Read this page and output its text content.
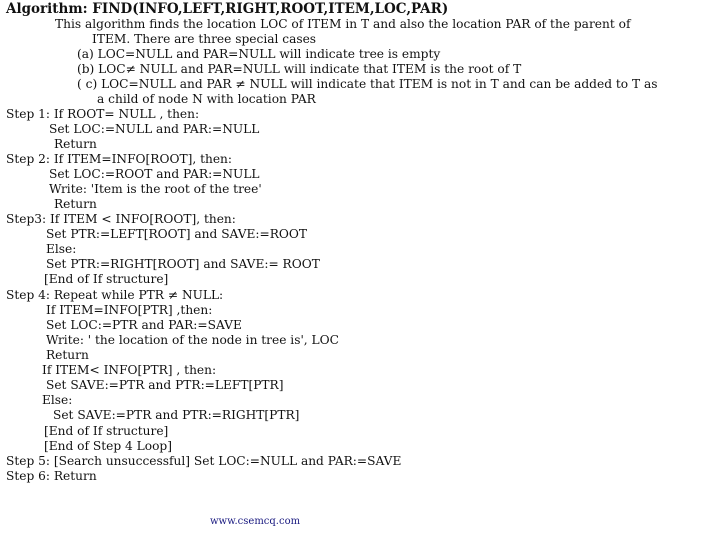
Algorithm: FIND(INFO,LEFT,RIGHT,ROOT,ITEM,LOC,PAR)
This algorithm finds the location LOC of ITEM in T and also the location PAR of the parent of
ITEM. There are three special cases
(a) LOC=NULL and PAR=NULL will indicate tree is empty
(b) LOC≠ NULL and PAR=NULL will indicate that ITEM is the root of T
( c) LOC=NULL and PAR ≠ NULL will indicate that ITEM is not in T and can be added to T as
a child of node N with location PAR
Step 1: If ROOT= NULL , then:
Set LOC:=NULL and PAR:=NULL
Return
Step 2: If ITEM=INFO[ROOT], then:
Set LOC:=ROOT and PAR:=NULL
Write: 'Item is the root of the tree'
Return
Step3: If ITEM < INFO[ROOT], then:
Set PTR:=LEFT[ROOT] and SAVE:=ROOT
Else:
Set PTR:=RIGHT[ROOT] and SAVE:= ROOT
[End of If structure]
Step 4: Repeat while PTR ≠ NULL:
If ITEM=INFO[PTR] ,then:
Set LOC:=PTR and PAR:=SAVE
Write: ' the location of the node in tree is', LOC
Return
If ITEM< INFO[PTR] , then:
Set SAVE:=PTR and PTR:=LEFT[PTR]
Else:
Set SAVE:=PTR and PTR:=RIGHT[PTR]
[End of If structure]
[End of Step 4 Loop]
Step 5: [Search unsuccessful] Set LOC:=NULL and PAR:=SAVE
Step 6: Return
www.csemcq.com
